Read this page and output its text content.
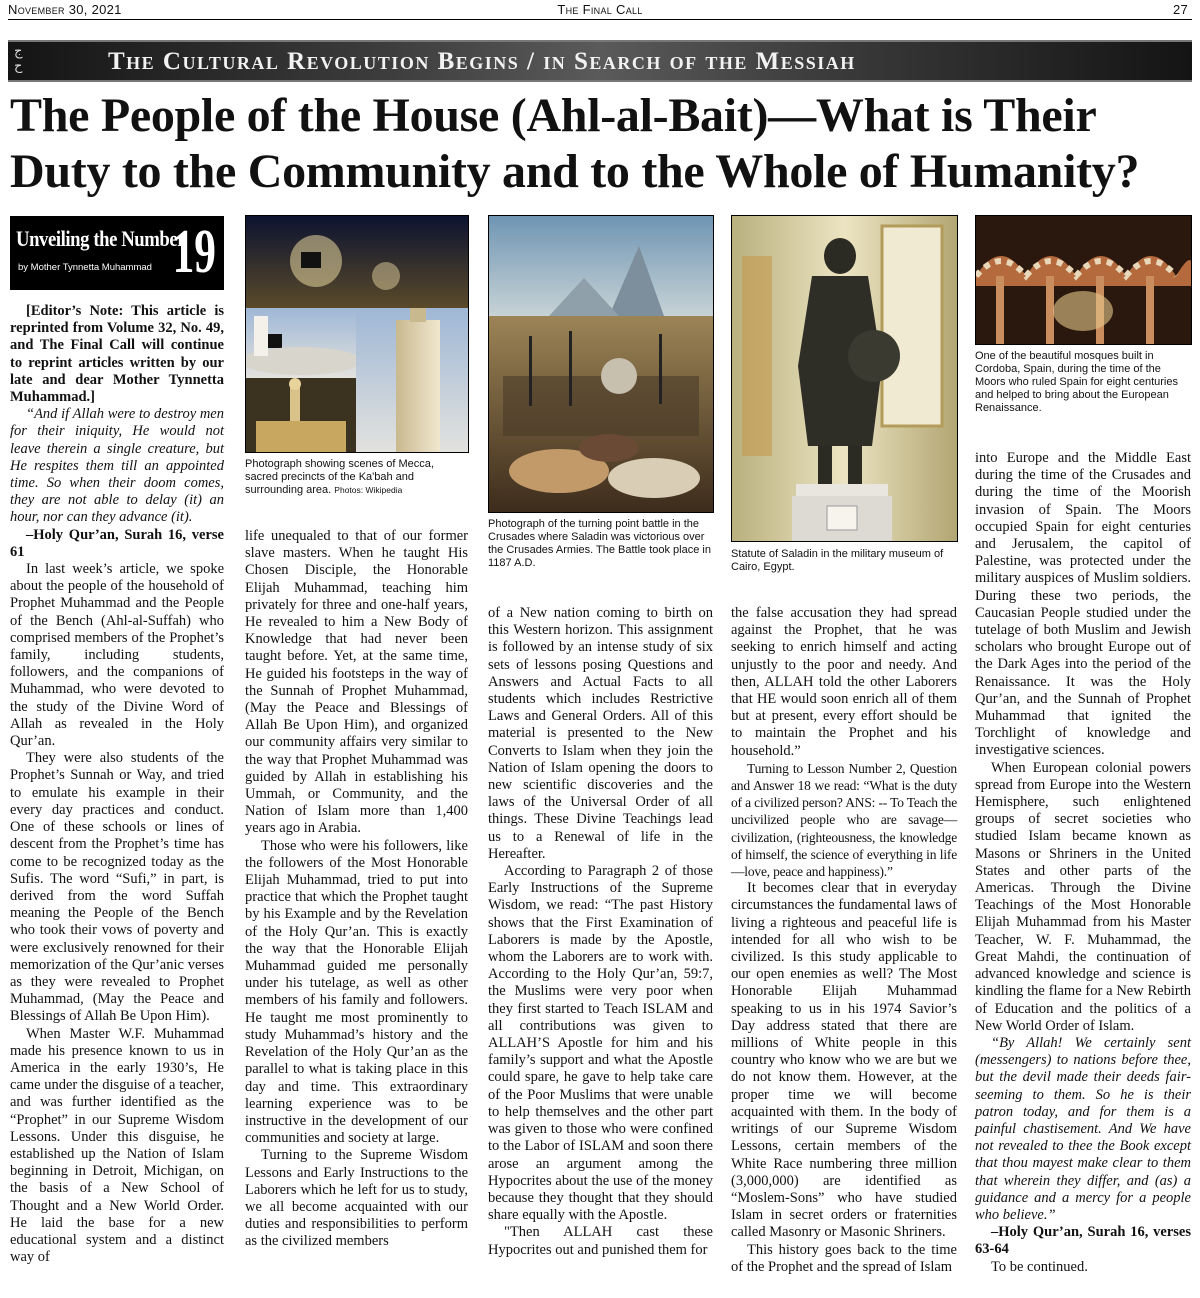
November 30, 2021	The Final Call	27
ج
ح	The Cultural Revolution Begins / in Search of the Messiah
The People of the House (Ahl-al-Bait)—What is Their Duty to the Community and to the Whole of Humanity?
Unveiling the Number
by Mother Tynnetta Muhammad 19

[Editor’s Note: This article is reprinted from Volume 32, No. 49, and The Final Call will continue to reprint articles written by our late and dear Mother Tynnetta Muhammad.]

“And if Allah were to destroy men for their iniquity, He would not leave therein a single creature, but He respites them till an appointed time. So when their doom comes, they are not able to delay (it) an hour, nor can they advance (it).

–Holy Qur’an, Surah 16, verse 61

In last week’s article, we spoke about the people of the household of Prophet Muhammad and the People of the Bench (Ahl-al-Suffah) who comprised members of the Prophet’s family, including students, followers, and the companions of Muhammad, who were devoted to the study of the Divine Word of Allah as revealed in the Holy Qur’an.

They were also students of the Prophet’s Sunnah or Way, and tried to emulate his example in their every day practices and conduct. One of these schools or lines of descent from the Prophet’s time has come to be recognized today as the Sufis. The word “Sufi,” in part, is derived from the word Suffah meaning the People of the Bench who took their vows of poverty and were exclusively renowned for their memorization of the Qur’anic verses as they were revealed to Prophet Muhammad, (May the Peace and Blessings of Allah Be Upon Him).

When Master W.F. Muhammad made his presence known to us in America in the early 1930’s, He came under the disguise of a teacher, and was further identified as the “Prophet” in our Supreme Wisdom Lessons. Under this disguise, he established up the Nation of Islam beginning in Detroit, Michigan, on the basis of a New School of Thought and a New World Order. He laid the base for a new educational system and a distinct way of

Photograph showing scenes of Mecca, sacred precincts of the Ka'bah and surrounding area. Photos: Wikipedia

life unequaled to that of our former slave masters. When he taught His Chosen Disciple, the Honorable Elijah Muhammad, teaching him privately for three and one-half years, He revealed to him a New Body of Knowledge that had never been taught before. Yet, at the same time, He guided his footsteps in the way of the Sunnah of Prophet Muhammad, (May the Peace and Blessings of Allah Be Upon Him), and organized our community affairs very similar to the way that Prophet Muhammad was guided by Allah in establishing his Ummah, or Community, and the Nation of Islam more than 1,400 years ago in Arabia.

Those who were his followers, like the followers of the Most Honorable Elijah Muhammad, tried to put into practice that which the Prophet taught by his Example and by the Revelation of the Holy Qur’an. This is exactly the way that the Honorable Elijah Muhammad guided me personally under his tutelage, as well as other members of his family and followers. He taught me most prominently to study Muhammad’s history and the Revelation of the Holy Qur’an as the parallel to what is taking place in this day and time. This extraordinary learning experience was to be instructive in the development of our communities and society at large.

Turning to the Supreme Wisdom Lessons and Early Instructions to the Laborers which he left for us to study, we all become acquainted with our duties and responsibilities to perform as the civilized members

Photograph of the turning point battle in the Crusades where Saladin was victorious over the Crusades Armies. The Battle took place in 1187 A.D.

of a New nation coming to birth on this Western horizon. This assignment is followed by an intense study of six sets of lessons posing Questions and Answers and Actual Facts to all students which includes Restrictive Laws and General Orders. All of this material is presented to the New Converts to Islam when they join the Nation of Islam opening the doors to new scientific discoveries and the laws of the Universal Order of all things. These Divine Teachings lead us to a Renewal of life in the Hereafter.

According to Paragraph 2 of those Early Instructions of the Supreme Wisdom, we read: “The past History shows that the First Examination of Laborers is made by the Apostle, whom the Laborers are to work with. According to the Holy Qur’an, 59:7, the Muslims were very poor when they first started to Teach ISLAM and all contributions was given to ALLAH’S Apostle for him and his family’s support and what the Apostle could spare, he gave to help take care of the Poor Muslims that were unable to help themselves and the other part was given to those who were confined to the Labor of ISLAM and soon there arose an argument among the Hypocrites about the use of the money because they thought that they should share equally with the Apostle.

"Then ALLAH cast these Hypocrites out and punished them for

Statute of Saladin in the military museum of Cairo, Egypt.

the false accusation they had spread against the Prophet, that he was seeking to enrich himself and acting unjustly to the poor and needy. And then, ALLAH told the other Laborers that HE would soon enrich all of them but at present, every effort should be to maintain the Prophet and his household.”

Turning to Lesson Number 2, Question and Answer 18 we read: “What is the duty of a civilized person? ANS: -- To Teach the uncivilized people who are savage—civilization, (righteousness, the knowledge of himself, the science of everything in life—love, peace and happiness).”

It becomes clear that in everyday circumstances the fundamental laws of living a righteous and peaceful life is intended for all who wish to be civilized. Is this study applicable to our open enemies as well? The Most Honorable Elijah Muhammad speaking to us in his 1974 Savior’s Day address stated that there are millions of White people in this country who know who we are but we do not know them. However, at the proper time we will become acquainted with them. In the body of writings of our Supreme Wisdom Lessons, certain members of the White Race numbering three million (3,000,000) are identified as “Moslem-Sons” who have studied Islam in secret orders or fraternities called Masonry or Masonic Shriners.

This history goes back to the time of the Prophet and the spread of Islam

One of the beautiful mosques built in Cordoba, Spain, during the time of the Moors who ruled Spain for eight centuries and helped to bring about the European Renaissance.

into Europe and the Middle East during the time of the Crusades and during the time of the Moorish invasion of Spain. The Moors occupied Spain for eight centuries and Jerusalem, the capitol of Palestine, was protected under the military auspices of Muslim soldiers. During these two periods, the Caucasian People studied under the tutelage of both Muslim and Jewish scholars who brought Europe out of the Dark Ages into the period of the Renaissance. It was the Holy Qur’an, and the Sunnah of Prophet Muhammad that ignited the Torchlight of knowledge and investigative sciences.

When European colonial powers spread from Europe into the Western Hemisphere, such enlightened groups of secret societies who studied Islam became known as Masons or Shriners in the United States and other parts of the Americas. Through the Divine Teachings of the Most Honorable Elijah Muhammad from his Master Teacher, W. F. Muhammad, the Great Mahdi, the continuation of advanced knowledge and science is kindling the flame for a New Rebirth of Education and the politics of a New World Order of Islam.

“By Allah! We certainly sent (messengers) to nations before thee, but the devil made their deeds fair-seeming to them. So he is their patron today, and for them is a painful chastisement. And We have not revealed to thee the Book except that thou mayest make clear to them that wherein they differ, and (as) a guidance and a mercy for a people who believe.”

–Holy Qur’an, Surah 16, verses 63-64

To be continued.
